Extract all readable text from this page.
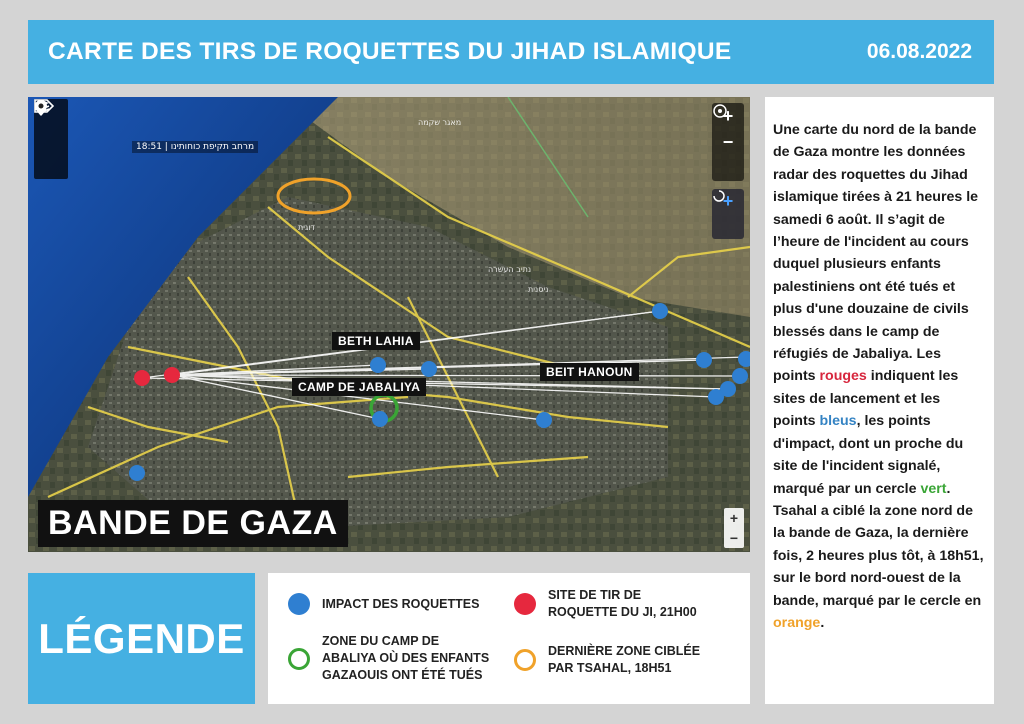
CARTE DES TIRS DE ROQUETTES DU JIHAD ISLAMIQUE	06.08.2022
מאגר שקמה
נתיב העשרה
דוגית
ניסנית
18:51 | מרחב תקיפת כוחותינו
+
−
+
+
−
BETH LAHIA
CAMP DE JABALIYA
BEIT HANOUN
BANDE DE GAZA
Une carte du nord de la bande de Gaza montre les données radar des roquettes du Jihad islamique tirées à 21 heures le samedi 6 août. Il s’agit de l’heure de l'incident au cours duquel plusieurs enfants palestiniens ont été tués et plus d'une douzaine de civils blessés dans le camp de réfugiés de Jabaliya. Les points rouges indiquent les sites de lancement et les points bleus, les points d'impact, dont un proche du site de l'incident signalé, marqué par un cercle vert. Tsahal a ciblé la zone nord de la bande de Gaza, la dernière fois, 2 heures plus tôt, à 18h51, sur le bord nord-ouest de la bande, marqué par le cercle en orange.
LÉGENDE
IMPACT DES ROQUETTES
SITE DE TIR DE
ROQUETTE DU JI, 21H00
ZONE DU CAMP DE
ABALIYA OÙ DES ENFANTS
GAZAOUIS ONT ÉTÉ TUÉS
DERNIÈRE ZONE CIBLÉE
PAR TSAHAL, 18H51
